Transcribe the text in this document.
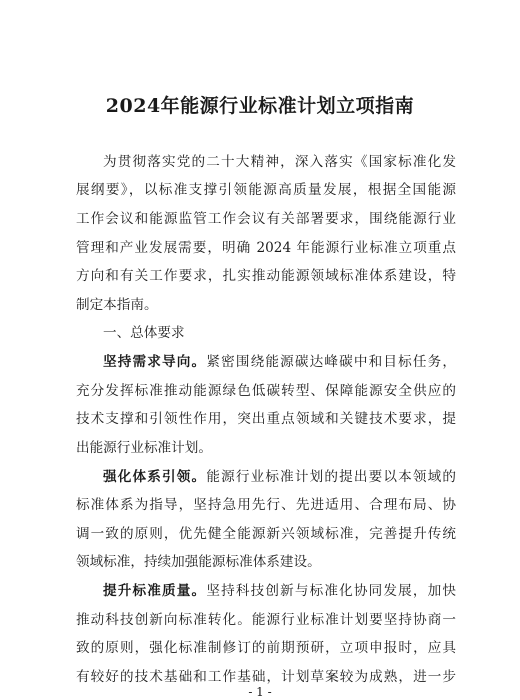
2024年能源行业标准计划立项指南
为贯彻落实党的二十大精神，深入落实《国家标准化发
展纲要》，以标准支撑引领能源高质量发展，根据全国能源
工作会议和能源监管工作会议有关部署要求，围绕能源行业
管理和产业发展需要，明确 2024 年能源行业标准立项重点
方向和有关工作要求，扎实推动能源领域标准体系建设，特
制定本指南。
一、总体要求
坚持需求导向。紧密围绕能源碳达峰碳中和目标任务，
充分发挥标准推动能源绿色低碳转型、保障能源安全供应的
技术支撑和引领性作用，突出重点领域和关键技术要求，提
出能源行业标准计划。
强化体系引领。能源行业标准计划的提出要以本领域的
标准体系为指导，坚持急用先行、先进适用、合理布局、协
调一致的原则，优先健全能源新兴领域标准，完善提升传统
领域标准，持续加强能源标准体系建设。
提升标准质量。坚持科技创新与标准化协同发展，加快
推动科技创新向标准转化。能源行业标准计划要坚持协商一
致的原则，强化标准制修订的前期预研，立项申报时，应具
有较好的技术基础和工作基础，计划草案较为成熟，进一步
- 1 -
